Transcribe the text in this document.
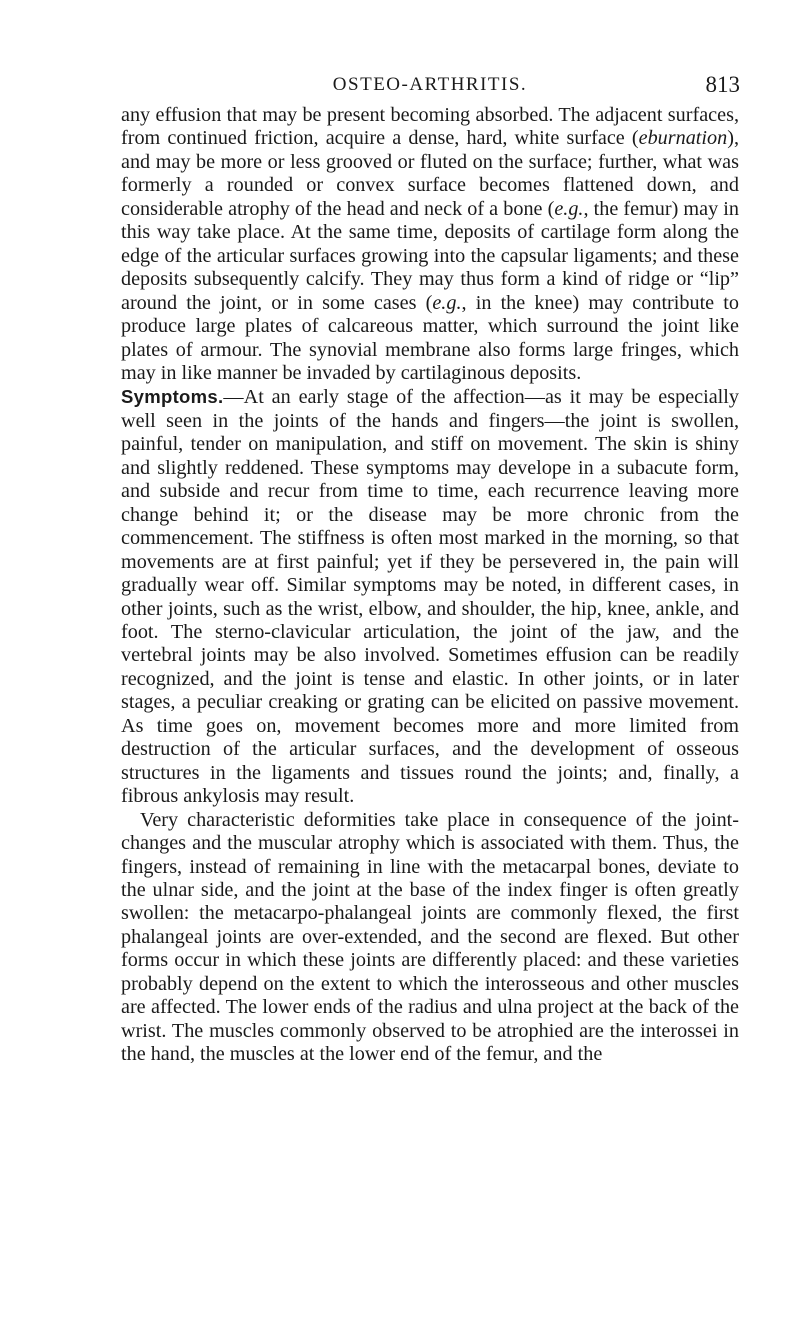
OSTEO-ARTHRITIS.	813

any effusion that may be present becoming absorbed. The adjacent surfaces, from continued friction, acquire a dense, hard, white surface (eburnation), and may be more or less grooved or fluted on the surface; further, what was formerly a rounded or convex surface becomes flattened down, and considerable atrophy of the head and neck of a bone (e.g., the femur) may in this way take place. At the same time, deposits of cartilage form along the edge of the articular surfaces growing into the capsular ligaments; and these deposits subsequently calcify. They may thus form a kind of ridge or “lip” around the joint, or in some cases (e.g., in the knee) may contribute to produce large plates of calcareous matter, which surround the joint like plates of armour. The synovial membrane also forms large fringes, which may in like manner be invaded by cartilaginous deposits.

Symptoms.—At an early stage of the affection—as it may be especially well seen in the joints of the hands and fingers—the joint is swollen, painful, tender on manipulation, and stiff on movement. The skin is shiny and slightly reddened. These symptoms may develope in a subacute form, and subside and recur from time to time, each recurrence leaving more change behind it; or the disease may be more chronic from the commencement. The stiffness is often most marked in the morning, so that movements are at first painful; yet if they be persevered in, the pain will gradually wear off. Similar symptoms may be noted, in different cases, in other joints, such as the wrist, elbow, and shoulder, the hip, knee, ankle, and foot. The sterno-clavicular articulation, the joint of the jaw, and the vertebral joints may be also involved. Sometimes effusion can be readily recognized, and the joint is tense and elastic. In other joints, or in later stages, a peculiar creaking or grating can be elicited on passive movement. As time goes on, movement becomes more and more limited from destruction of the articular surfaces, and the development of osseous structures in the ligaments and tissues round the joints; and, finally, a fibrous ankylosis may result.

Very characteristic deformities take place in consequence of the joint-changes and the muscular atrophy which is associated with them. Thus, the fingers, instead of remaining in line with the metacarpal bones, deviate to the ulnar side, and the joint at the base of the index finger is often greatly swollen: the metacarpo-phalangeal joints are commonly flexed, the first phalangeal joints are over-extended, and the second are flexed. But other forms occur in which these joints are differently placed: and these varieties probably depend on the extent to which the interosseous and other muscles are affected. The lower ends of the radius and ulna project at the back of the wrist. The muscles commonly observed to be atrophied are the interossei in the hand, the muscles at the lower end of the femur, and the
